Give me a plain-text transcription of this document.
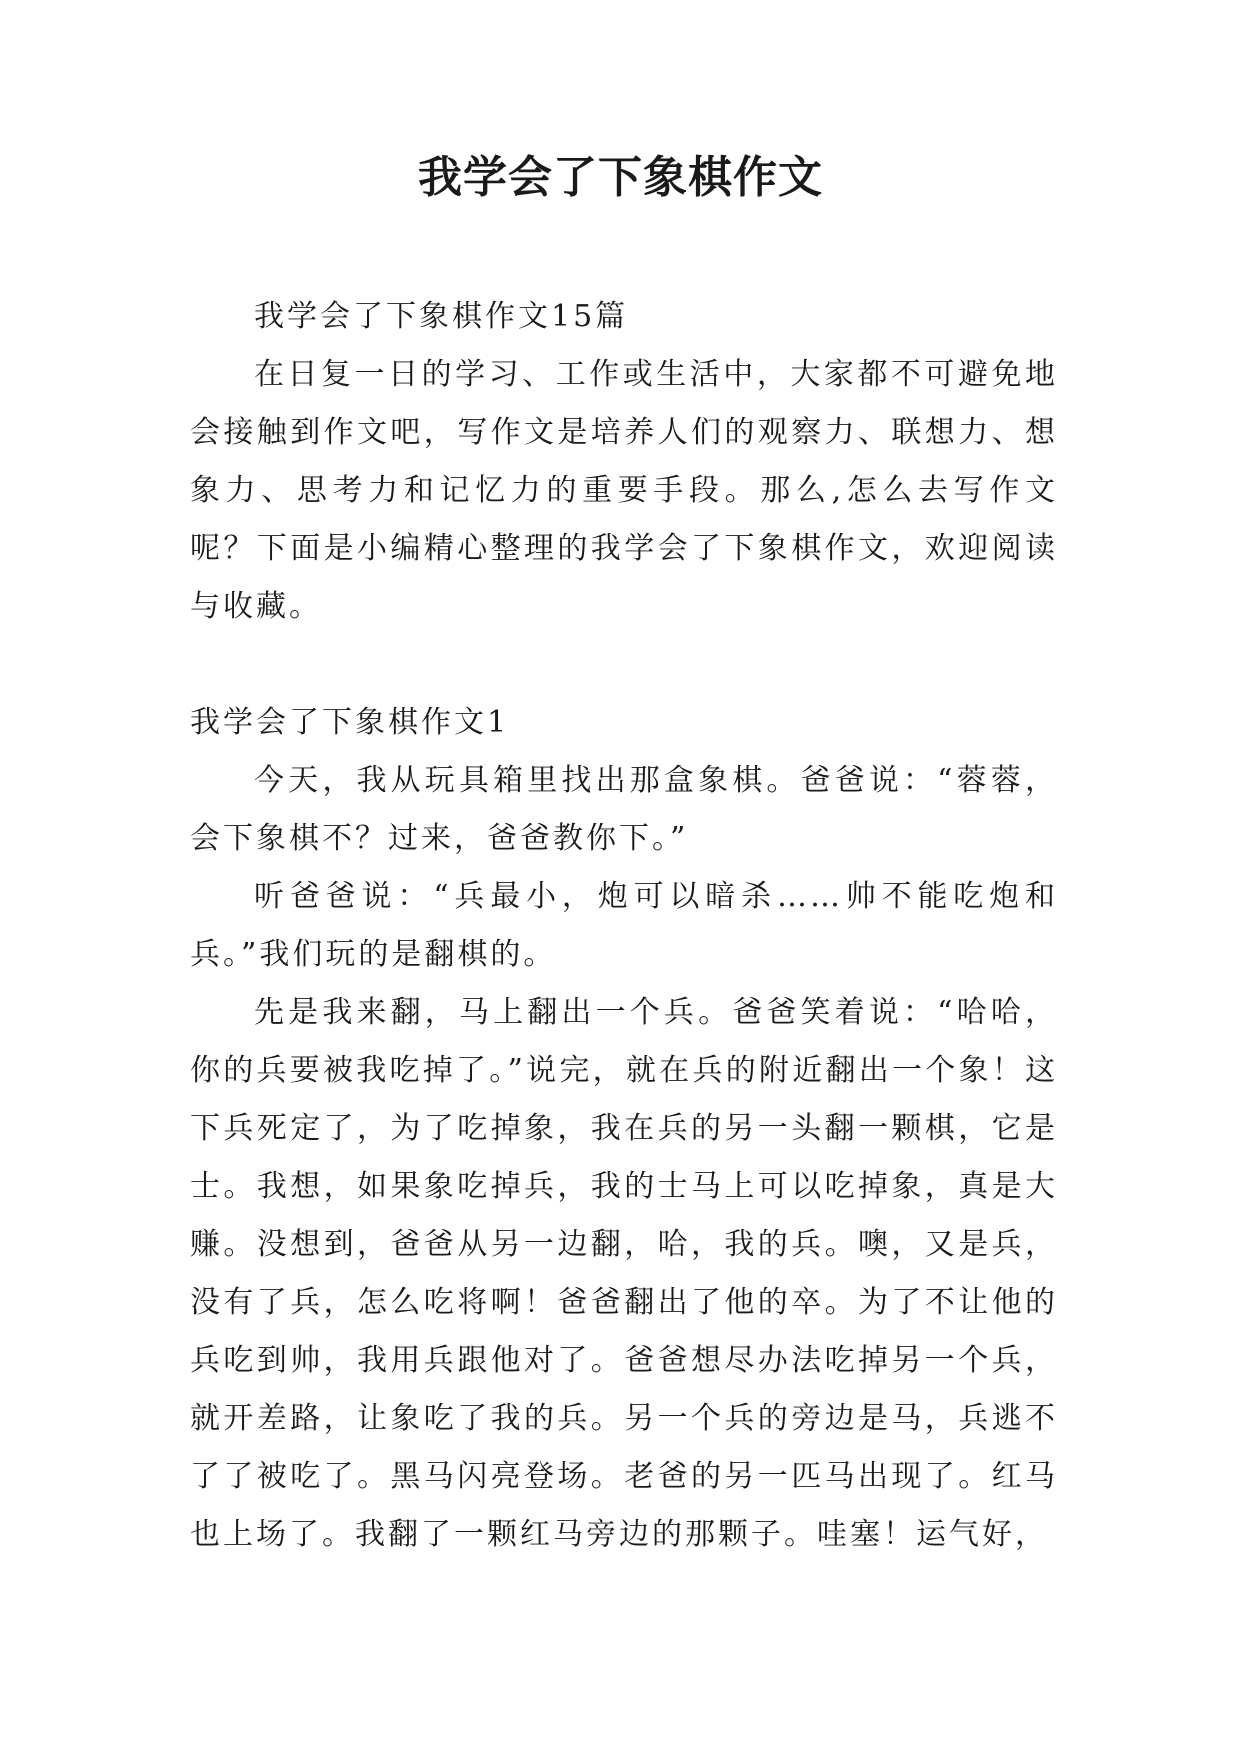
我学会了下象棋作文

我学会了下象棋作文15篇

在日复一日的学习、工作或生活中，大家都不可避免地会接触到作文吧，写作文是培养人们的观察力、联想力、想象力、思考力和记忆力的重要手段。那么,怎么去写作文呢？下面是小编精心整理的我学会了下象棋作文，欢迎阅读与收藏。

我学会了下象棋作文1

今天，我从玩具箱里找出那盒象棋。爸爸说：“蓉蓉，会下象棋不？过来，爸爸教你下。”

听爸爸说：“兵最小，炮可以暗杀……帅不能吃炮和兵。”我们玩的是翻棋的。

先是我来翻，马上翻出一个兵。爸爸笑着说：“哈哈，你的兵要被我吃掉了。”说完，就在兵的附近翻出一个象！这下兵死定了，为了吃掉象，我在兵的另一头翻一颗棋，它是士。我想，如果象吃掉兵，我的士马上可以吃掉象，真是大赚。没想到，爸爸从另一边翻，哈，我的兵。噢，又是兵，没有了兵，怎么吃将啊！爸爸翻出了他的卒。为了不让他的兵吃到帅，我用兵跟他对了。爸爸想尽办法吃掉另一个兵，就开差路，让象吃了我的兵。另一个兵的旁边是马，兵逃不了了被吃了。黑马闪亮登场。老爸的另一匹马出现了。红马也上场了。我翻了一颗红马旁边的那颗子。哇塞！运气好，
